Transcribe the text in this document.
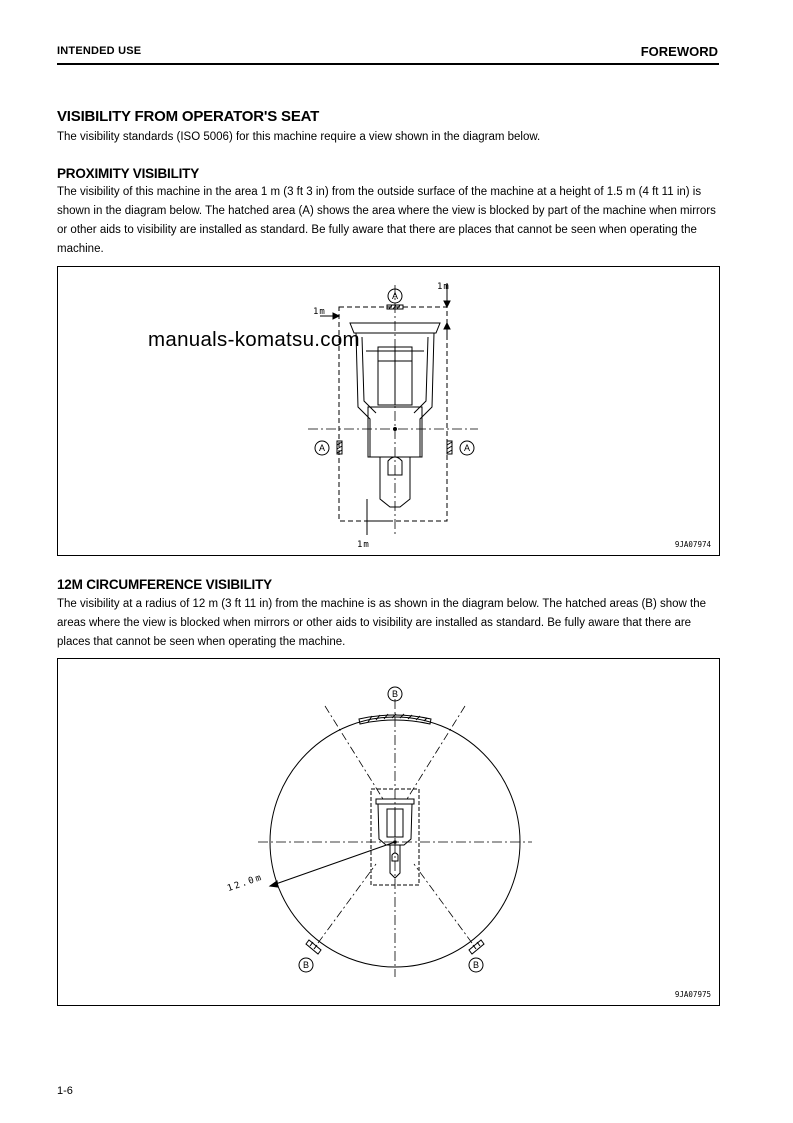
INTENDED USE	FOREWORD
VISIBILITY FROM OPERATOR'S SEAT

The visibility standards (ISO 5006) for this machine require a view shown in the diagram below.

PROXIMITY VISIBILITY

The visibility of this machine in the area 1 m (3 ft 3 in) from the outside surface of the machine at a height of 1.5 m (4 ft 11 in) is shown in the diagram below. The hatched area (A) shows the area where the view is blocked by part of the machine when mirrors or other aids to visibility are installed as standard. Be fully aware that there are places that cannot be seen when operating the machine.

A
A	A
1m
1m
1m	9JA07974
manuals-komatsu.com
12M CIRCUMFERENCE VISIBILITY

The visibility at a radius of 12 m (3 ft 11 in) from the machine is as shown in the diagram below. The hatched areas (B) show the areas where the view is blocked when mirrors or other aids to visibility are installed as standard. Be fully aware that there are places that cannot be seen when operating the machine.

B
B	B
12.0m
9JA07975
1-6
